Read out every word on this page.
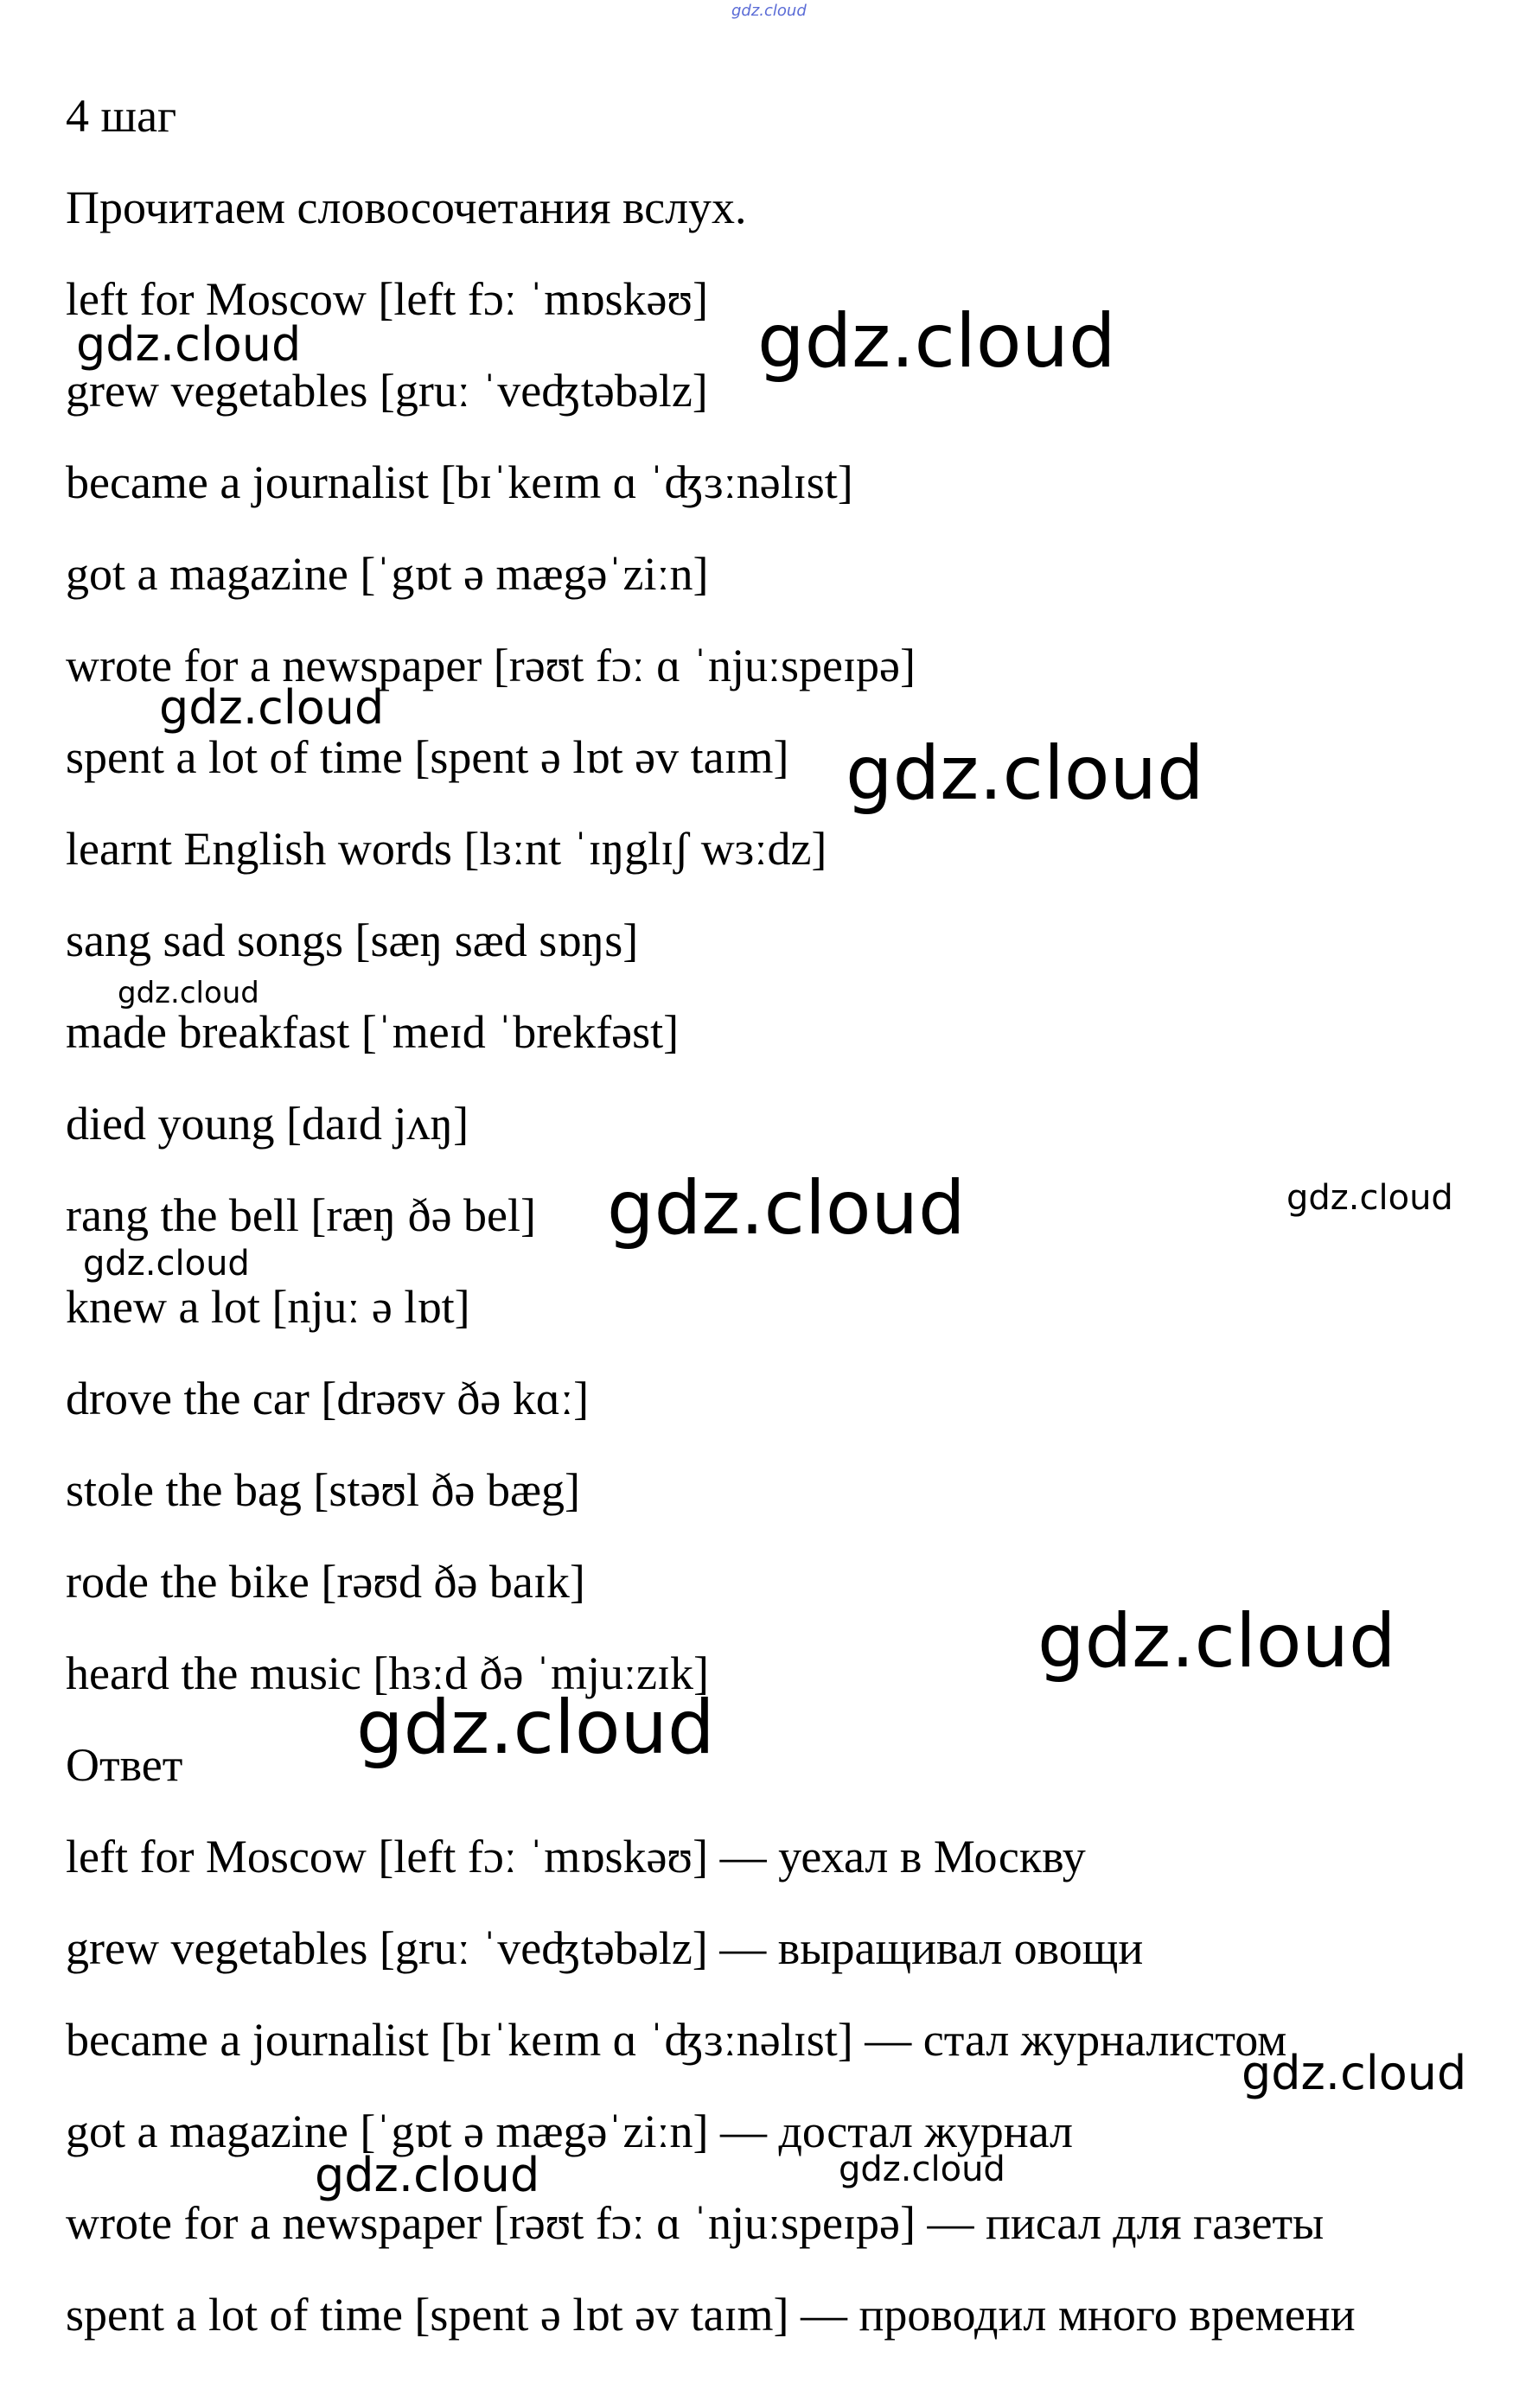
gdz.cloud
4 шаг
Прочитаем словосочетания вслух.
left for Moscow [left fɔː ˈmɒskəʊ]
grew vegetables [gruː ˈveʤtəbəlz]
became a journalist [bɪˈkeɪm ɑ ˈʤɜːnəlɪst]
got a magazine [ˈgɒt ə mægəˈziːn]
wrote for a newspaper [rəʊt fɔː ɑ ˈnjuːspeɪpə]
spent a lot of time [spent ə lɒt əv taɪm]
learnt English words [lɜːnt ˈɪŋglɪʃ wɜːdz]
sang sad songs [sæŋ sæd sɒŋs]
made breakfast [ˈmeɪd ˈbrekfəst]
died young [daɪd jʌŋ]
rang the bell [ræŋ ðə bel]
knew a lot [njuː ə lɒt]
drove the car [drəʊv ðə kɑː]
stole the bag [stəʊl ðə bæg]
rode the bike [rəʊd ðə baɪk]
heard the music [hɜːd ðə ˈmjuːzɪk]
Ответ
left for Moscow [left fɔː ˈmɒskəʊ] — уехал в Москву
grew vegetables [gruː ˈveʤtəbəlz] — выращивал овощи
became a journalist [bɪˈkeɪm ɑ ˈʤɜːnəlɪst] — стал журналистом
got a magazine [ˈgɒt ə mægəˈziːn] — достал журнал
wrote for a newspaper [rəʊt fɔː ɑ ˈnjuːspeɪpə] — писал для газеты
spent a lot of time [spent ə lɒt əv taɪm] — проводил много времени
gdz.cloud	gdz.cloud
gdz.cloud
gdz.cloud
gdz.cloud
gdz.cloud	gdz.cloud
gdz.cloud
gdz.cloud
gdz.cloud
gdz.cloud
gdz.cloud	gdz.cloud
